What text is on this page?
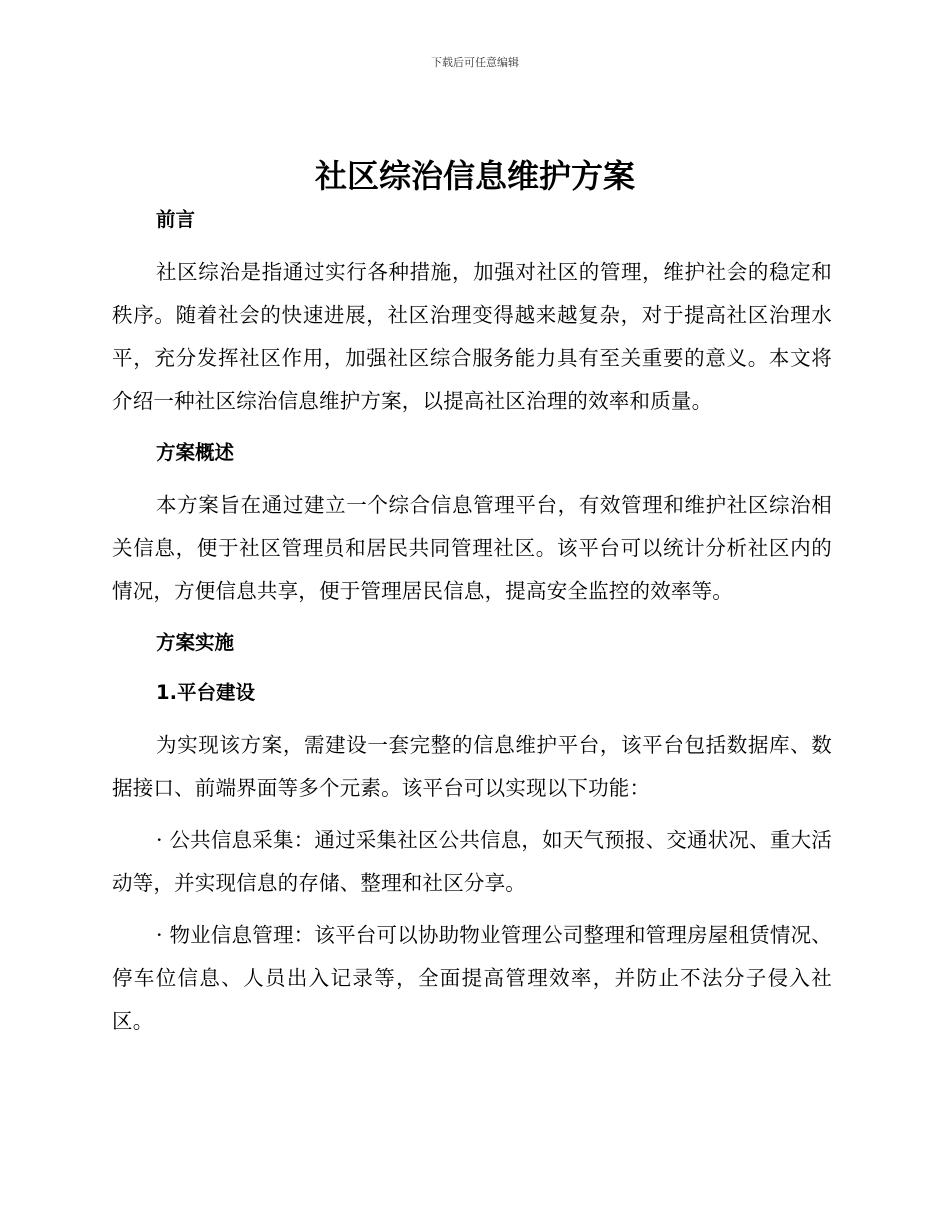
下载后可任意编辑
社区综治信息维护方案
前言
社区综治是指通过实行各种措施，加强对社区的管理，维护社会的稳定和秩序。随着社会的快速进展，社区治理变得越来越复杂，对于提高社区治理水平，充分发挥社区作用，加强社区综合服务能力具有至关重要的意义。本文将介绍一种社区综治信息维护方案，以提高社区治理的效率和质量。
方案概述
本方案旨在通过建立一个综合信息管理平台，有效管理和维护社区综治相关信息，便于社区管理员和居民共同管理社区。该平台可以统计分析社区内的情况，方便信息共享，便于管理居民信息，提高安全监控的效率等。
方案实施
1.平台建设
为实现该方案，需建设一套完整的信息维护平台，该平台包括数据库、数据接口、前端界面等多个元素。该平台可以实现以下功能：
· 公共信息采集：通过采集社区公共信息，如天气预报、交通状况、重大活动等，并实现信息的存储、整理和社区分享。
· 物业信息管理：该平台可以协助物业管理公司整理和管理房屋租赁情况、停车位信息、人员出入记录等，全面提高管理效率，并防止不法分子侵入社区。
